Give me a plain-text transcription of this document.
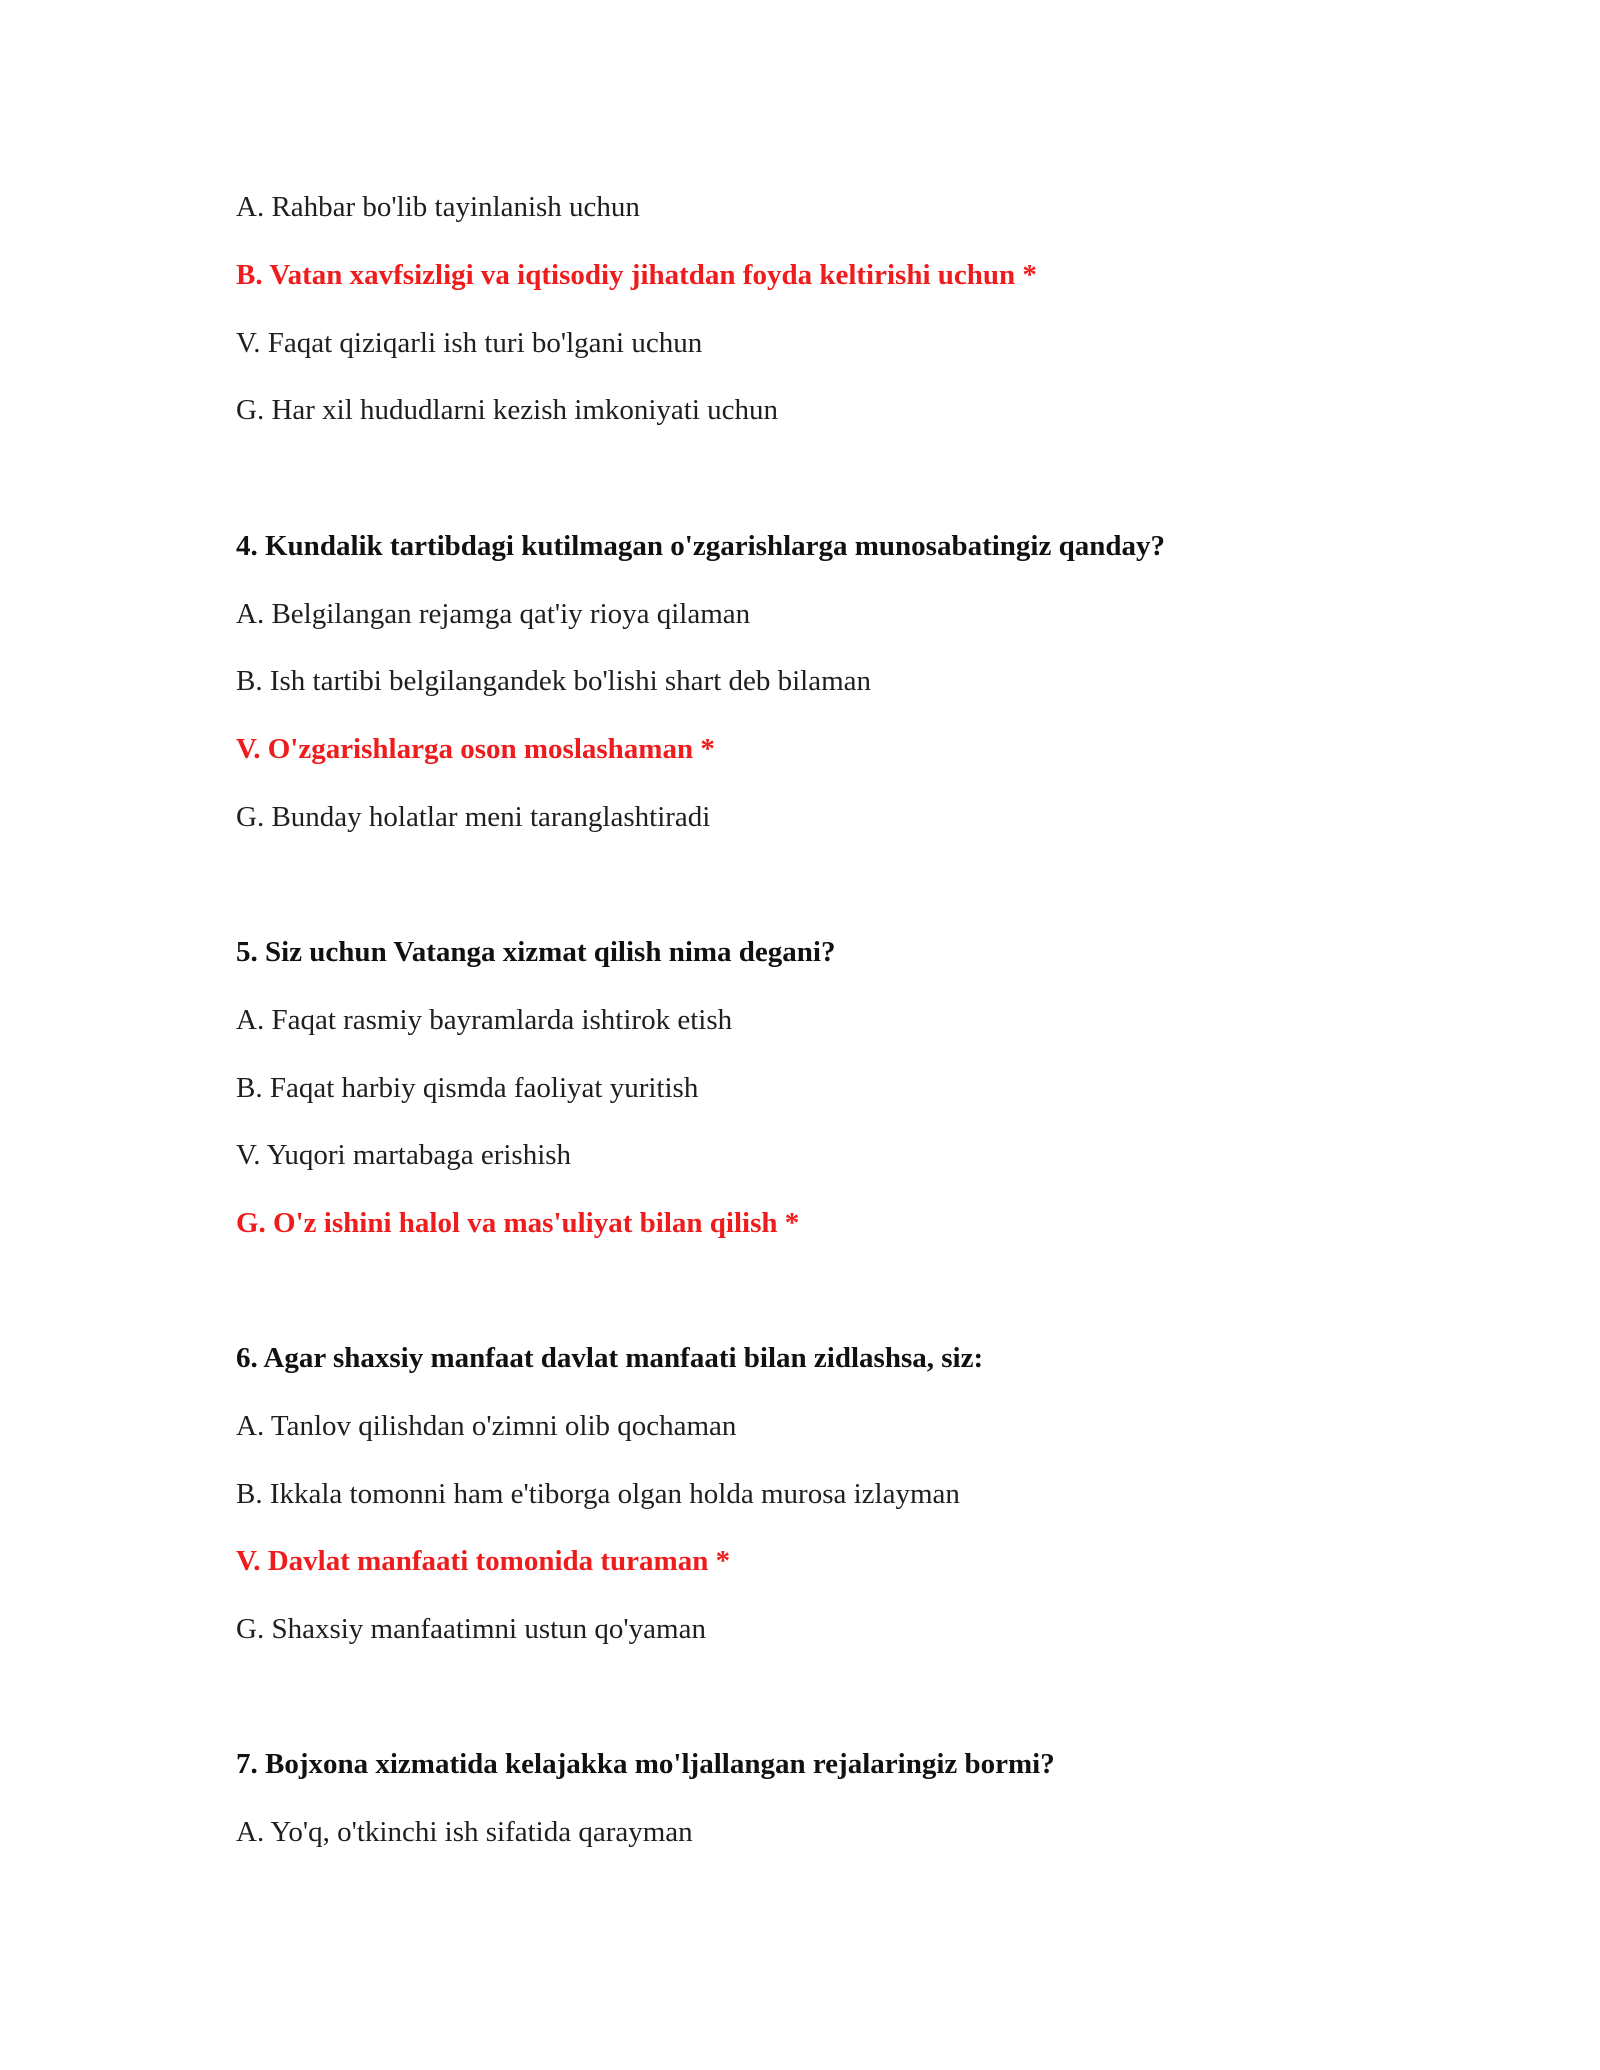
A. Rahbar bo'lib tayinlanish uchun
B. Vatan xavfsizligi va iqtisodiy jihatdan foyda keltirishi uchun *
V. Faqat qiziqarli ish turi bo'lgani uchun
G. Har xil hududlarni kezish imkoniyati uchun
4. Kundalik tartibdagi kutilmagan o'zgarishlarga munosabatingiz qanday?
A. Belgilangan rejamga qat'iy rioya qilaman
B. Ish tartibi belgilangandek bo'lishi shart deb bilaman
V. O'zgarishlarga oson moslashaman *
G. Bunday holatlar meni taranglashtiradi
5. Siz uchun Vatanga xizmat qilish nima degani?
A. Faqat rasmiy bayramlarda ishtirok etish
B. Faqat harbiy qismda faoliyat yuritish
V. Yuqori martabaga erishish
G. O'z ishini halol va mas'uliyat bilan qilish *
6. Agar shaxsiy manfaat davlat manfaati bilan zidlashsa, siz:
A. Tanlov qilishdan o'zimni olib qochaman
B. Ikkala tomonni ham e'tiborga olgan holda murosa izlayman
V. Davlat manfaati tomonida turaman *
G. Shaxsiy manfaatimni ustun qo'yaman
7. Bojxona xizmatida kelajakka mo'ljallangan rejalaringiz bormi?
A. Yo'q, o'tkinchi ish sifatida qarayman
